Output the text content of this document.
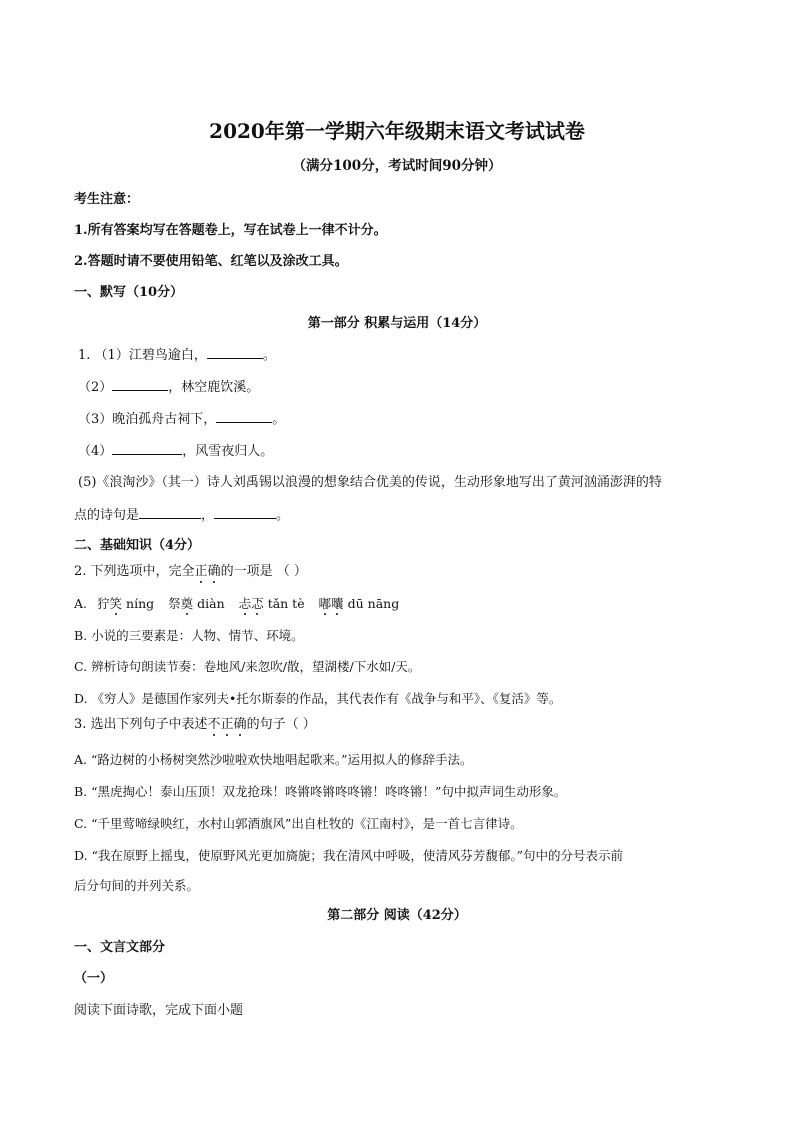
2020年第一学期六年级期末语文考试试卷
（满分100分，考试时间90分钟）
考生注意：
1.所有答案均写在答题卷上，写在试卷上一律不计分。
2.答题时请不要使用铅笔、红笔以及涂改工具。
一、默写（10分）
第一部分 积累与运用（14分）
1. （1）江碧鸟逾白，	。
（2）	，林空鹿饮溪。
（3）晚泊孤舟古祠下，	。
（4）	，风雪夜归人。
(5)《浪淘沙》（其一）诗人刘禹锡以浪漫的想象结合优美的传说，生动形象地写出了黄河汹涌澎湃的特
点的诗句是	，	。
二、基础知识（4分）
2. 下列选项中，完全正确的一项是 （ ）
A. 狞笑 níng 祭奠 diàn 忐忑 tǎn tè 嘟囔 dū nāng
B. 小说的三要素是：人物、情节、环境。
C. 辨析诗句朗读节奏：卷地风/来忽吹/散，望湖楼/下水如/天。
D. 《穷人》是德国作家列夫•托尔斯泰的作品，其代表作有《战争与和平》、《复活》等。
3. 选出下列句子中表述不正确的句子（ ）
A. “路边树的小杨树突然沙啦啦欢快地唱起歌来。”运用拟人的修辞手法。
B. “黑虎掏心！泰山压顶！双龙抢珠！咚锵咚锵咚咚锵！咚咚锵！”句中拟声词生动形象。
C. “千里莺啼绿映红，水村山郭酒旗风”出自杜牧的《江南村》，是一首七言律诗。
D. “我在原野上摇曳，使原野风光更加旖旎；我在清风中呼吸，使清风芬芳馥郁。”句中的分号表示前
后分句间的并列关系。
第二部分 阅读（42分）
一、文言文部分
（一）
阅读下面诗歌，完成下面小题
